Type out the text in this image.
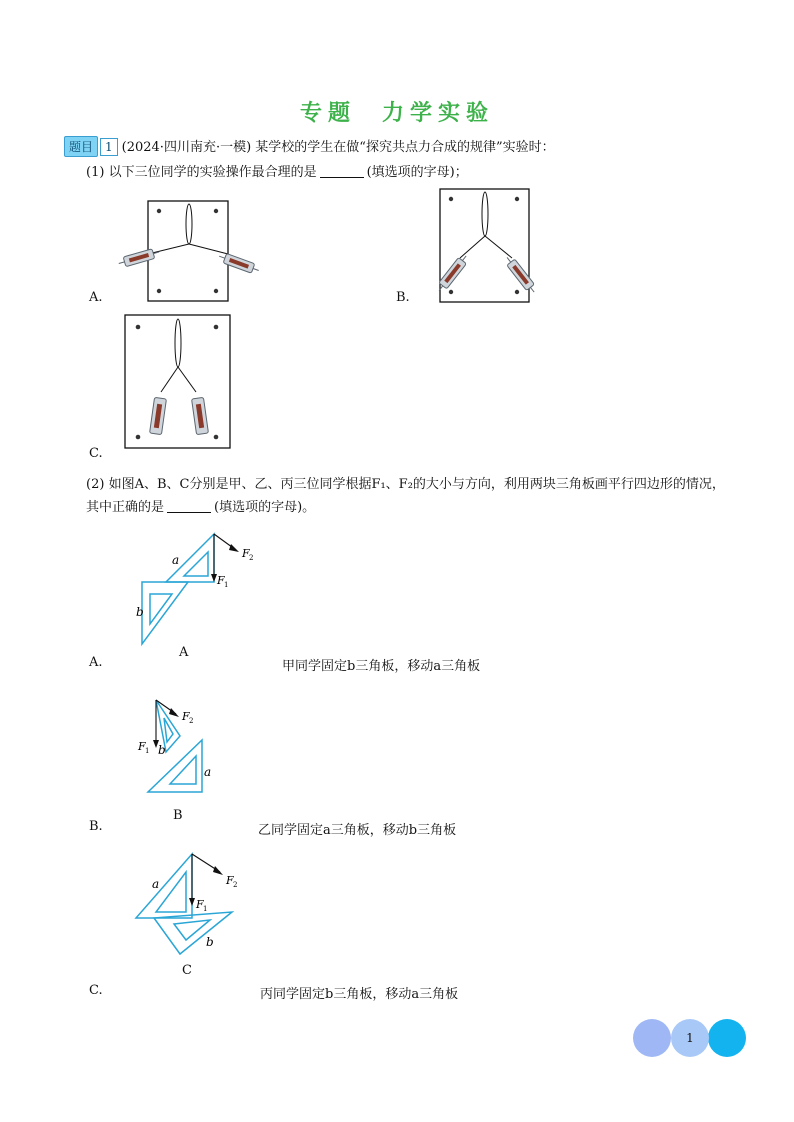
专题 力学实验
题目 1 (2024·四川南充·一模) 某学校的学生在做“探究共点力合成的规律”实验时：
(1) 以下三位同学的实验操作最合理的是	(填选项的字母)；
A.	B.
C.
(2) 如图A、B、C分别是甲、乙、丙三位同学根据F₁、F₂的大小与方向，利用两块三角板画平行四边形的情况，
其中正确的是	(填选项的字母)。
a
b
F 1
F 2
A
A.	甲同学固定b三角板，移动a三角板
F 1 b
F 2
a
B
B.	乙同学固定a三角板，移动b三角板
a
F 1
F 2
b
C
C.	丙同学固定b三角板，移动a三角板
1
